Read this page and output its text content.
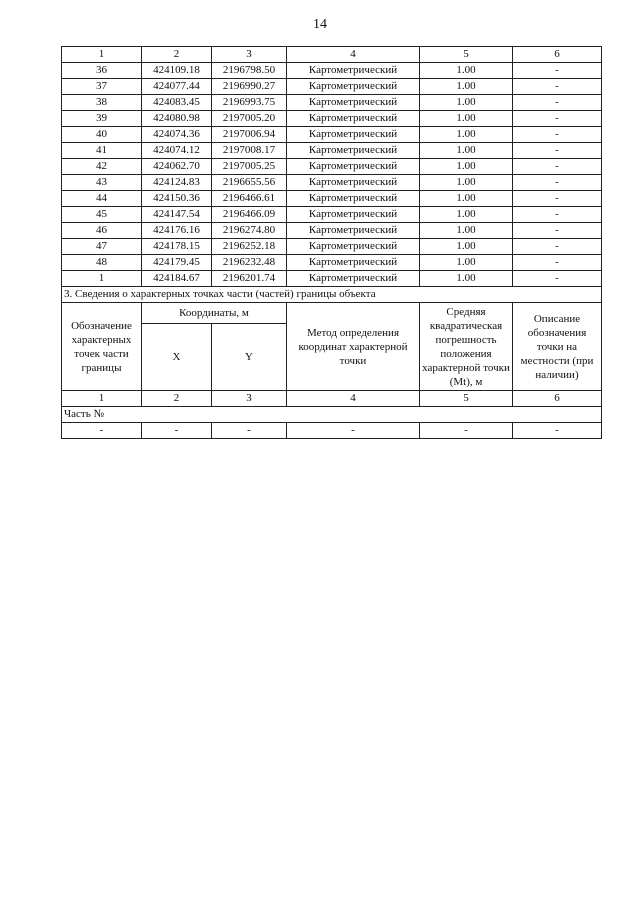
14
1	2	3	4	5	6
36	424109.18	2196798.50	Картометрический	1.00	-
37	424077.44	2196990.27	Картометрический	1.00	-
38	424083.45	2196993.75	Картометрический	1.00	-
39	424080.98	2197005.20	Картометрический	1.00	-
40	424074.36	2197006.94	Картометрический	1.00	-
41	424074.12	2197008.17	Картометрический	1.00	-
42	424062.70	2197005.25	Картометрический	1.00	-
43	424124.83	2196655.56	Картометрический	1.00	-
44	424150.36	2196466.61	Картометрический	1.00	-
45	424147.54	2196466.09	Картометрический	1.00	-
46	424176.16	2196274.80	Картометрический	1.00	-
47	424178.15	2196252.18	Картометрический	1.00	-
48	424179.45	2196232.48	Картометрический	1.00	-
1	424184.67	2196201.74	Картометрический	1.00	-
3. Сведения о характерных точках части (частей) границы объекта					
Обозначение характерных точек части границы	Координаты, м		Метод определения координат характерной точки	Средняя квадратическая погрешность положения характерной точки (Mt), м	Описание обозначения точки на местности (при наличии)
	X	Y			
1	2	3	4	5	6
Часть №					
-	-	-	-	-	-
